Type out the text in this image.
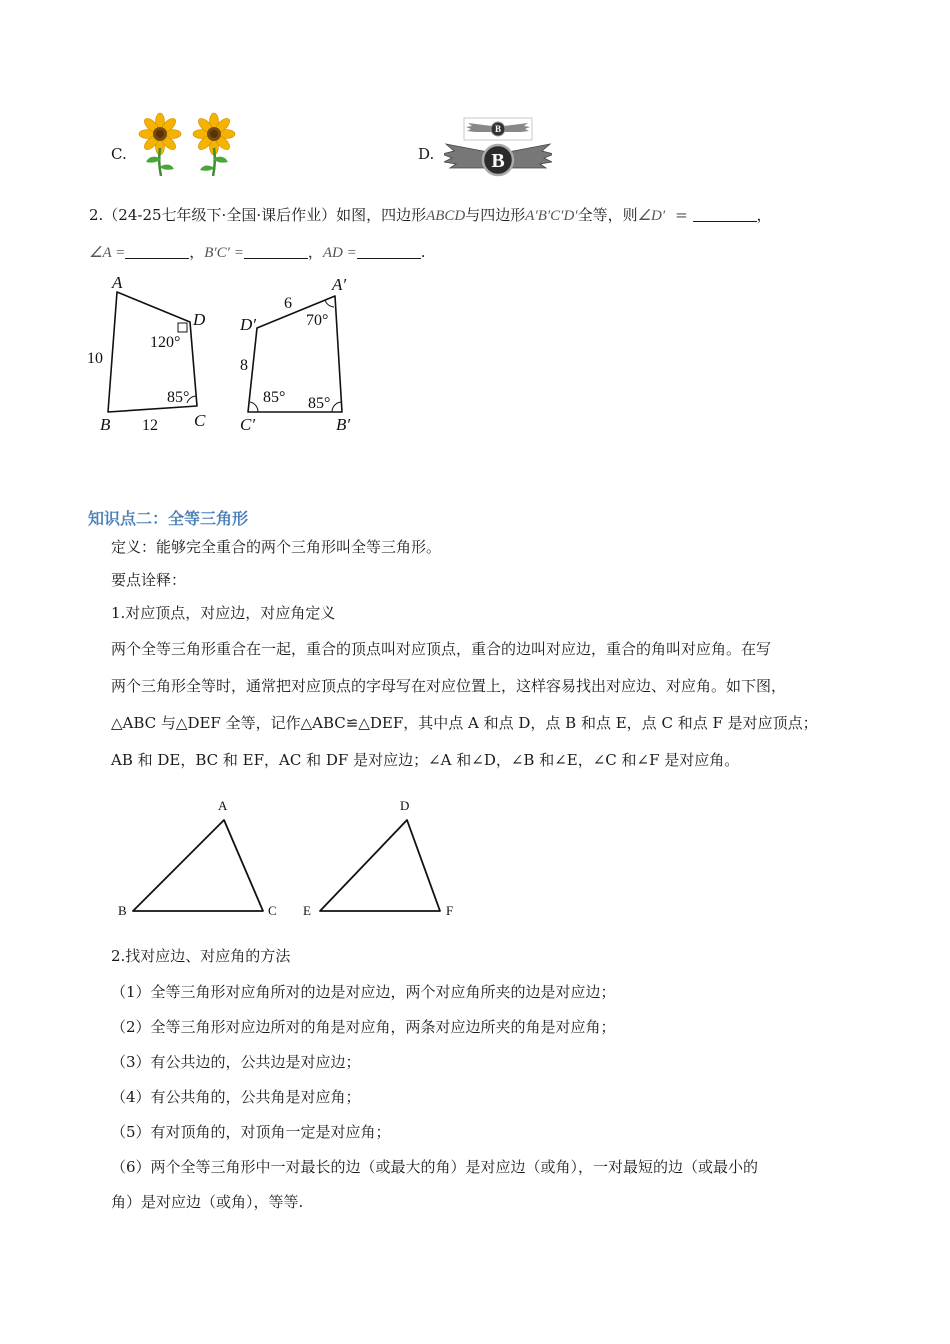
C.	D.
B
B
2.（24-25七年级下·全国·课后作业）如图，四边形ABCD与四边形A′B′C′D′全等，则∠D′ =	，
∠A =	，B′C′ =	，AD =	.
A
B	C
D
A′
B′
C′
D′
120°
85°
10
12
70°
85° 85°
6
8
知识点二：全等三角形
定义：能够完全重合的两个三角形叫全等三角形。
要点诠释：
1.对应顶点，对应边，对应角定义
两个全等三角形重合在一起，重合的顶点叫对应顶点，重合的边叫对应边，重合的角叫对应角。在写
两个三角形全等时，通常把对应顶点的字母写在对应位置上，这样容易找出对应边、对应角。如下图，
△ABC 与△DEF 全等，记作△ABC≌△DEF，其中点 A 和点 D，点 B 和点 E，点 C 和点 F 是对应顶点；
AB 和 DE，BC 和 EF，AC 和 DF 是对应边；∠A 和∠D，∠B 和∠E，∠C 和∠F 是对应角。
A
B	C
D
E	F
2.找对应边、对应角的方法
（1）全等三角形对应角所对的边是对应边，两个对应角所夹的边是对应边；
（2）全等三角形对应边所对的角是对应角，两条对应边所夹的角是对应角；
（3）有公共边的，公共边是对应边；
（4）有公共角的，公共角是对应角；
（5）有对顶角的，对顶角一定是对应角；
（6）两个全等三角形中一对最长的边（或最大的角）是对应边（或角），一对最短的边（或最小的
角）是对应边（或角），等等.
